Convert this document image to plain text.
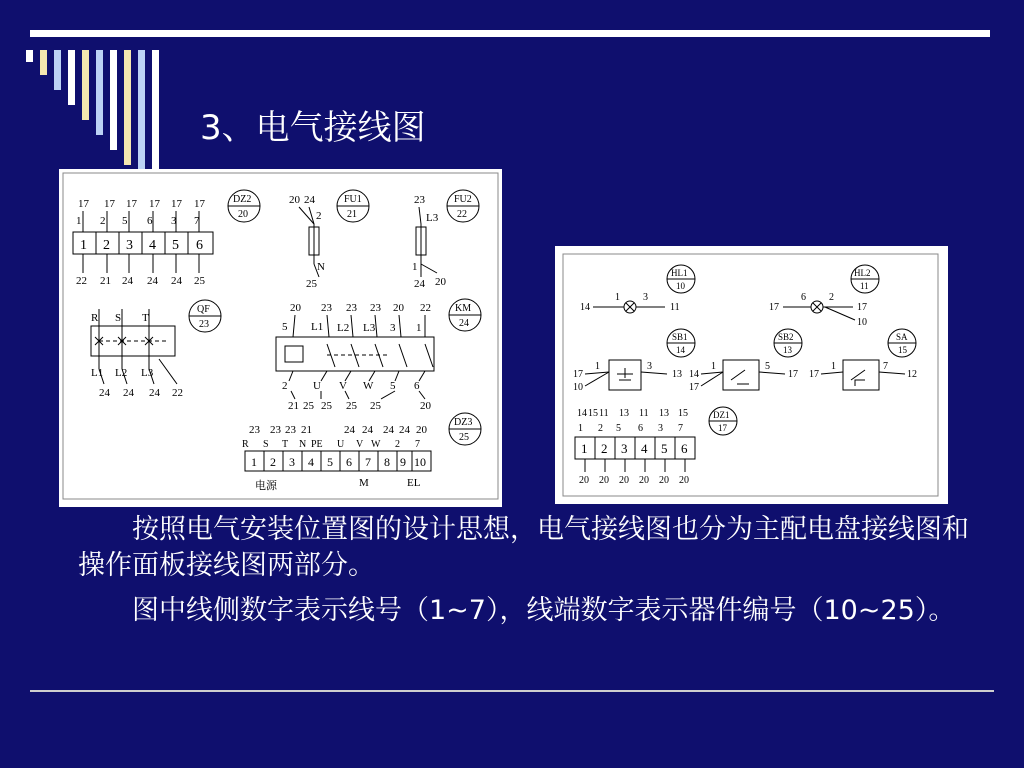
3、电气接线图
17 17 17 17 17 17
1 2 5 6 3 7
1 2 3 4 5 6
22 21 24 24 24 25
DZ2
20
20 24
2
N
25
FU1
21
23
L3
1
24 20
FU2
22
QF
23
R S T
L1 L2 L3
24 24 24 22
20 23 23 23 20 22
5 L1 L2 L3 3 1
KM
24
2 U V W 5 6
21 25 25 25 25	20
23 23 23 21	24 24 24 24 20
R S T N PE U V W 2 7
1 2 3 4 5 6 7 8 9 10
电源	M	EL
DZ3
25
HL1
10
14
1 3
11
HL2
11
17
6 2
17
10
SB1
14
17
10
1	3
13
SB2
13
14
17
1	5
17
SA
15
17
1	7
12
DZ1
17
14 15 11 13 11 13 15
1 2 5 6 3 7
1 2 3 4 5 6
20 20 20 20 20 20
　　按照电气安装位置图的设计思想，电气接线图也分为主配电盘接线图和操作面板接线图两部分。
　　图中线侧数字表示线号（1~7），线端数字表示器件编号（10~25）。
